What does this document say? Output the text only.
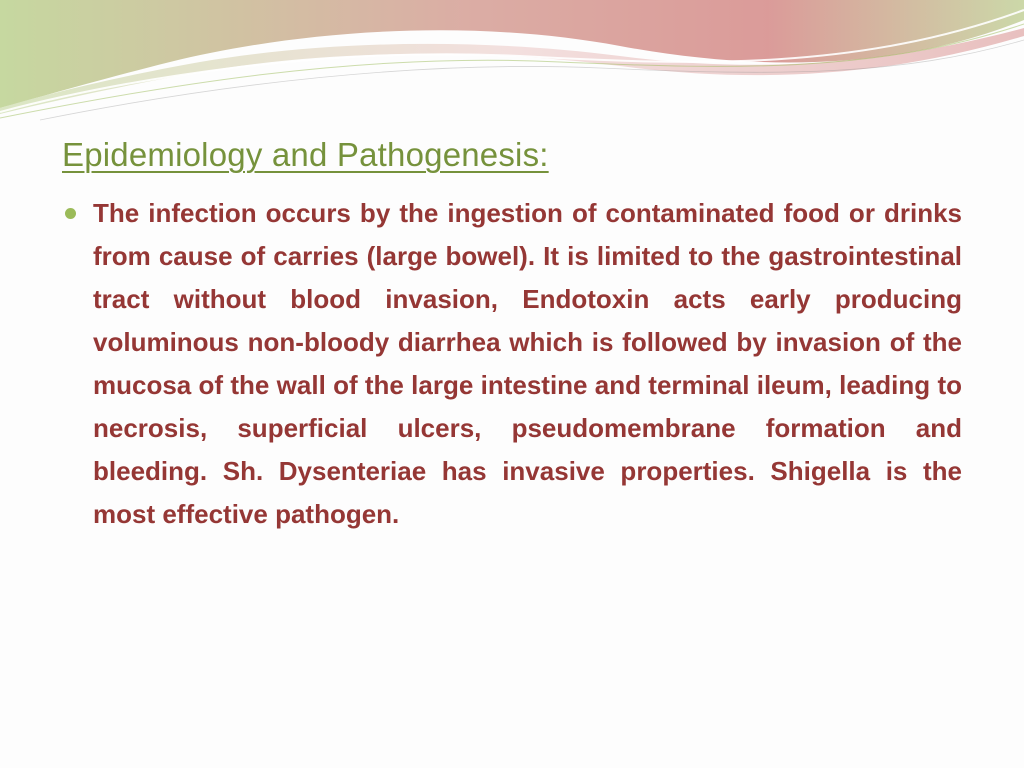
Epidemiology and Pathogenesis:

The infection occurs by the ingestion of contaminated food or drinks from cause of carries (large bowel). It is limited to the gastrointestinal tract without blood invasion, Endotoxin acts early producing voluminous non-bloody diarrhea which is followed by invasion of the mucosa of the wall of the large intestine and terminal ileum, leading to necrosis, superficial ulcers, pseudomembrane formation and bleeding. Sh. Dysenteriae has invasive properties. Shigella is the most effective pathogen.
